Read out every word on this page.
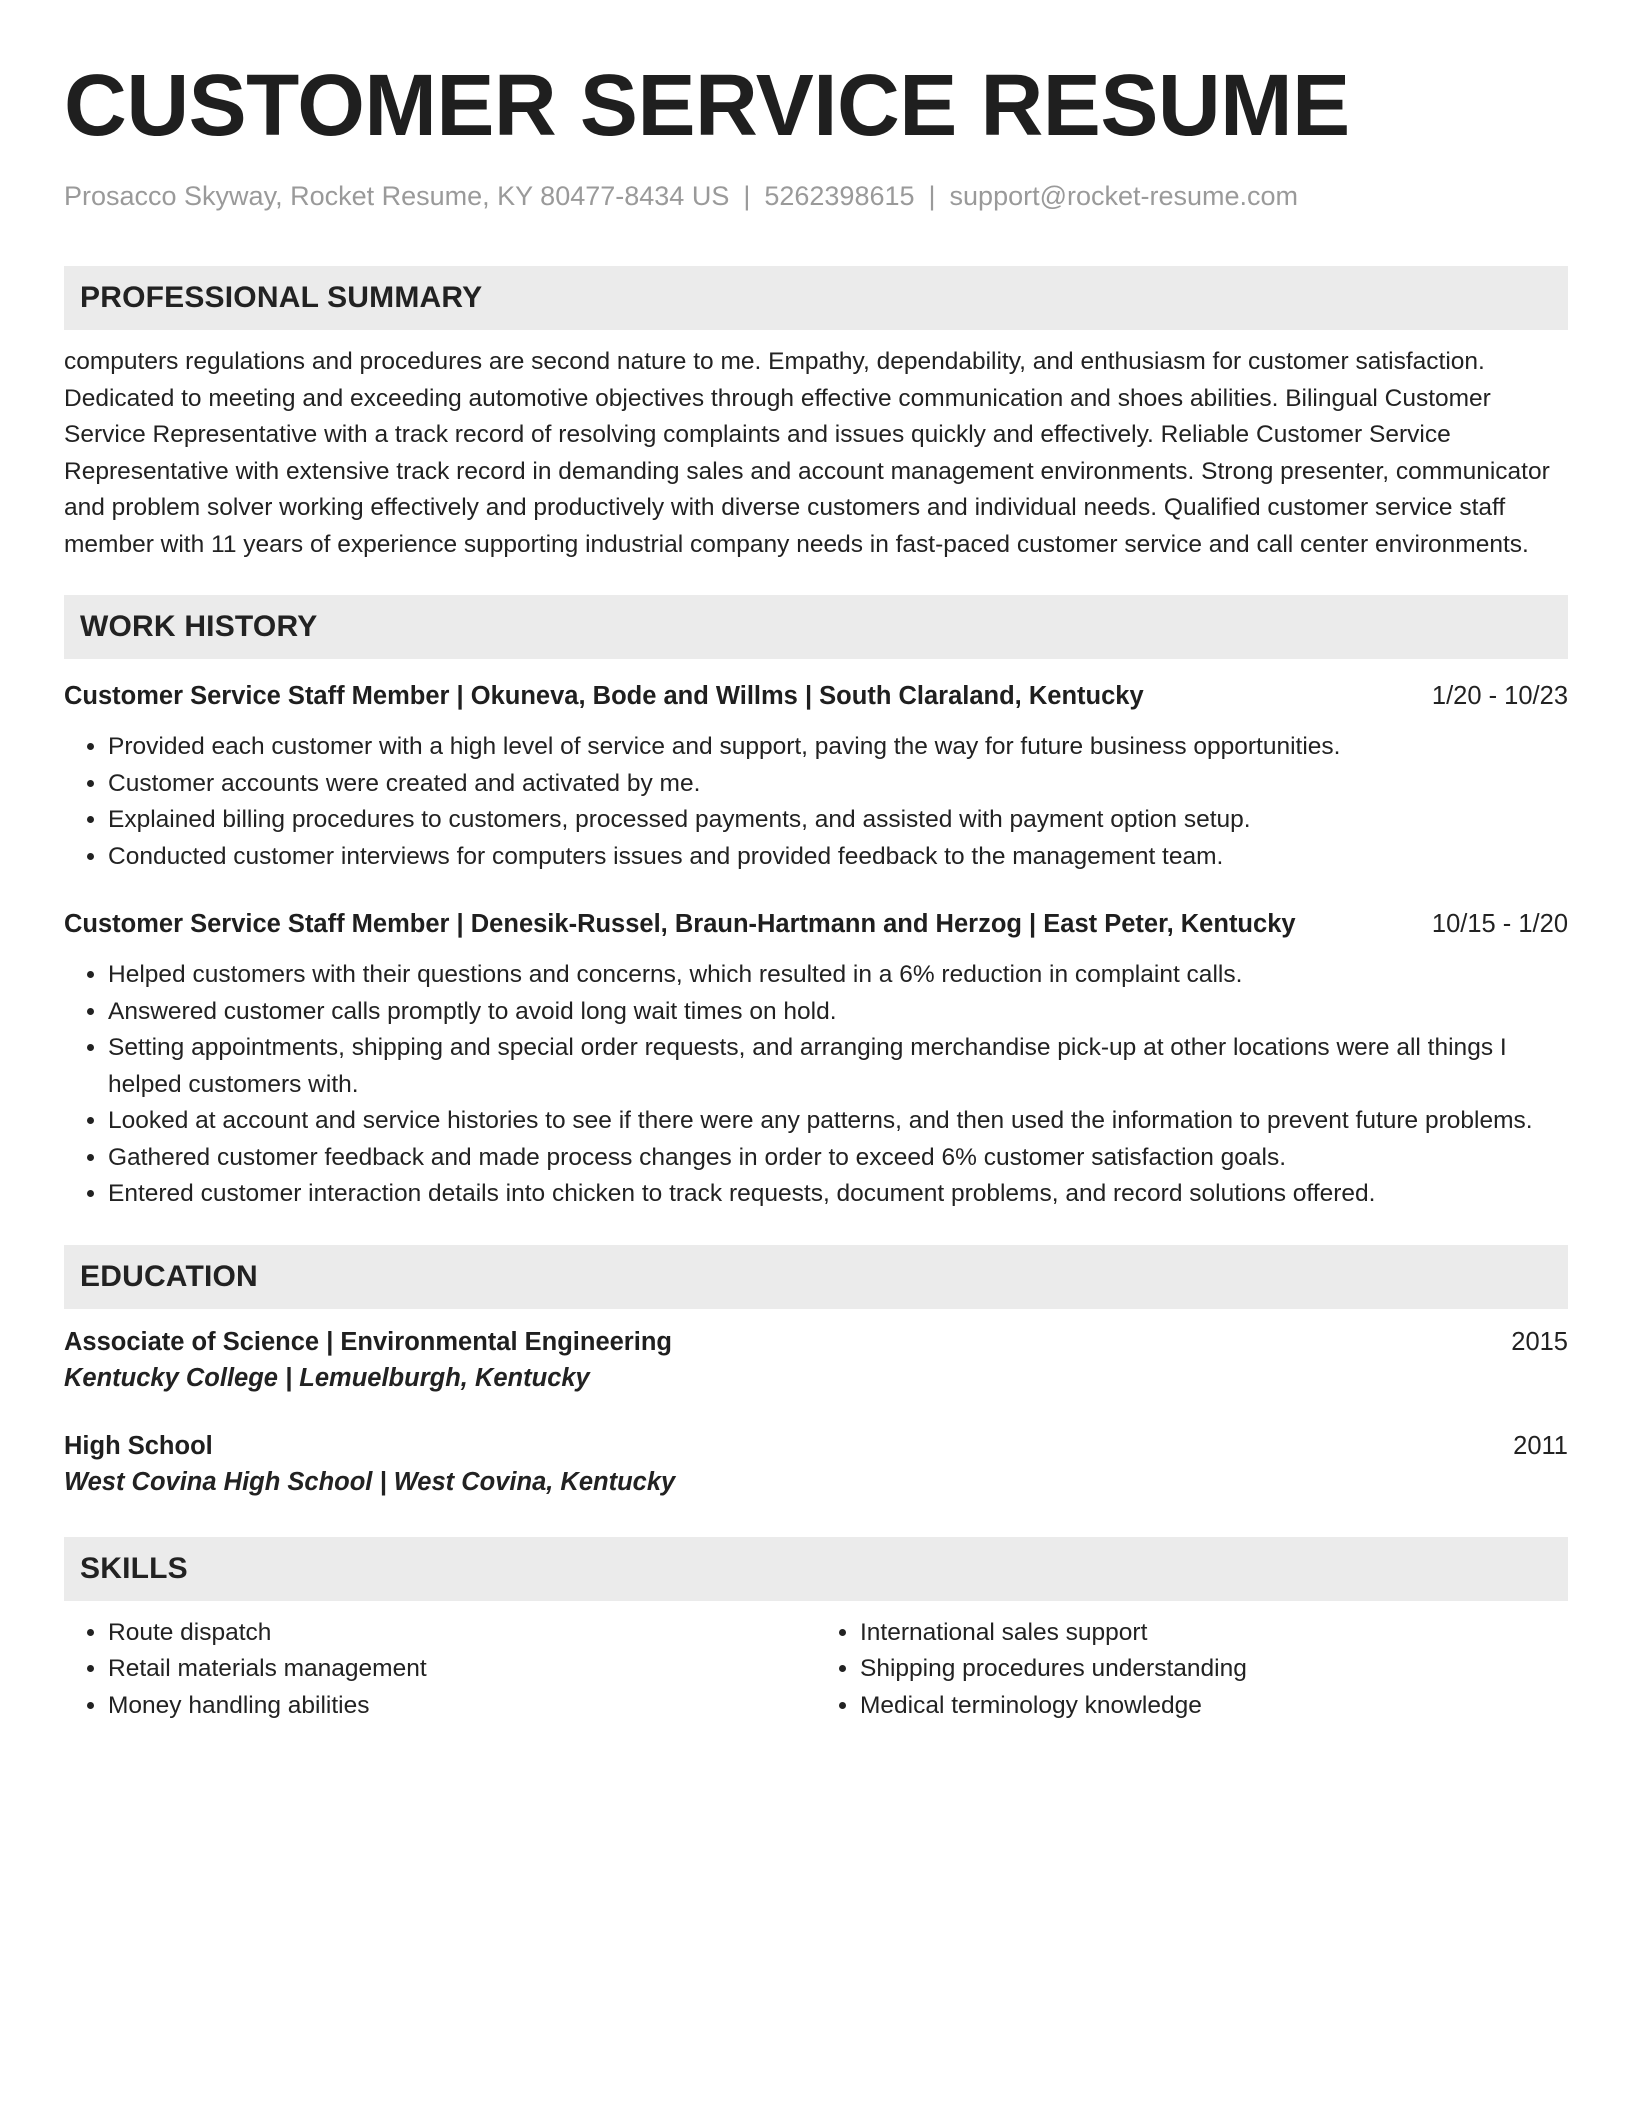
CUSTOMER SERVICE RESUME
Prosacco Skyway, Rocket Resume, KY 80477-8434 US | 5262398615 | support@rocket-resume.com
PROFESSIONAL SUMMARY
computers regulations and procedures are second nature to me. Empathy, dependability, and enthusiasm for customer satisfaction. Dedicated to meeting and exceeding automotive objectives through effective communication and shoes abilities. Bilingual Customer Service Representative with a track record of resolving complaints and issues quickly and effectively. Reliable Customer Service Representative with extensive track record in demanding sales and account management environments. Strong presenter, communicator and problem solver working effectively and productively with diverse customers and individual needs. Qualified customer service staff member with 11 years of experience supporting industrial company needs in fast-paced customer service and call center environments.
WORK HISTORY
Customer Service Staff Member | Okuneva, Bode and Willms | South Claraland, Kentucky	1/20 - 10/23
• Provided each customer with a high level of service and support, paving the way for future business opportunities.
• Customer accounts were created and activated by me.
• Explained billing procedures to customers, processed payments, and assisted with payment option setup.
• Conducted customer interviews for computers issues and provided feedback to the management team.
Customer Service Staff Member | Denesik-Russel, Braun-Hartmann and Herzog | East Peter, Kentucky	10/15 - 1/20
• Helped customers with their questions and concerns, which resulted in a 6% reduction in complaint calls.
• Answered customer calls promptly to avoid long wait times on hold.
• Setting appointments, shipping and special order requests, and arranging merchandise pick-up at other locations were all things I helped customers with.
• Looked at account and service histories to see if there were any patterns, and then used the information to prevent future problems.
• Gathered customer feedback and made process changes in order to exceed 6% customer satisfaction goals.
• Entered customer interaction details into chicken to track requests, document problems, and record solutions offered.
EDUCATION
Associate of Science | Environmental Engineering	2015
Kentucky College | Lemuelburgh, Kentucky
High School	2011
West Covina High School | West Covina, Kentucky
SKILLS
• Route dispatch
• Retail materials management
• Money handling abilities
• International sales support
• Shipping procedures understanding
• Medical terminology knowledge
